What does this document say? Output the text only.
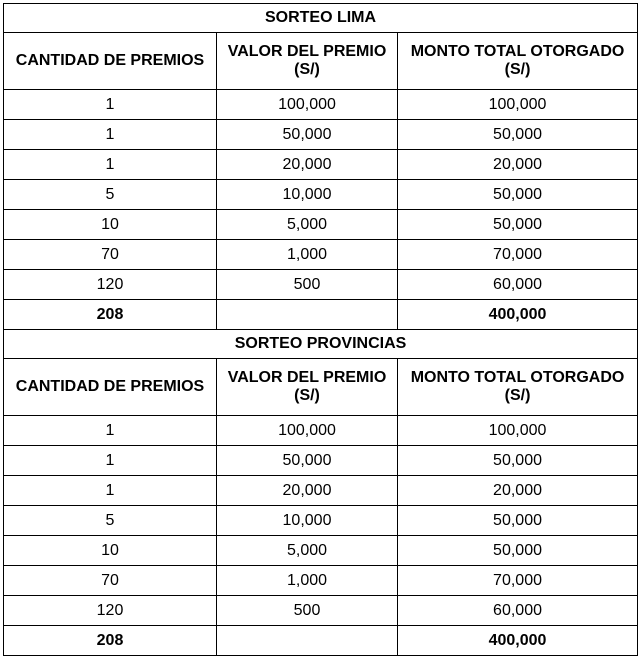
SORTEO LIMA		
CANTIDAD DE PREMIOS	VALOR DEL PREMIO (S/)	MONTO TOTAL OTORGADO (S/)
1	100,000	100,000
1	50,000	50,000
1	20,000	20,000
5	10,000	50,000
10	5,000	50,000
70	1,000	70,000
120	500	60,000
208		400,000
SORTEO PROVINCIAS		
CANTIDAD DE PREMIOS	VALOR DEL PREMIO (S/)	MONTO TOTAL OTORGADO (S/)
1	100,000	100,000
1	50,000	50,000
1	20,000	20,000
5	10,000	50,000
10	5,000	50,000
70	1,000	70,000
120	500	60,000
208		400,000
